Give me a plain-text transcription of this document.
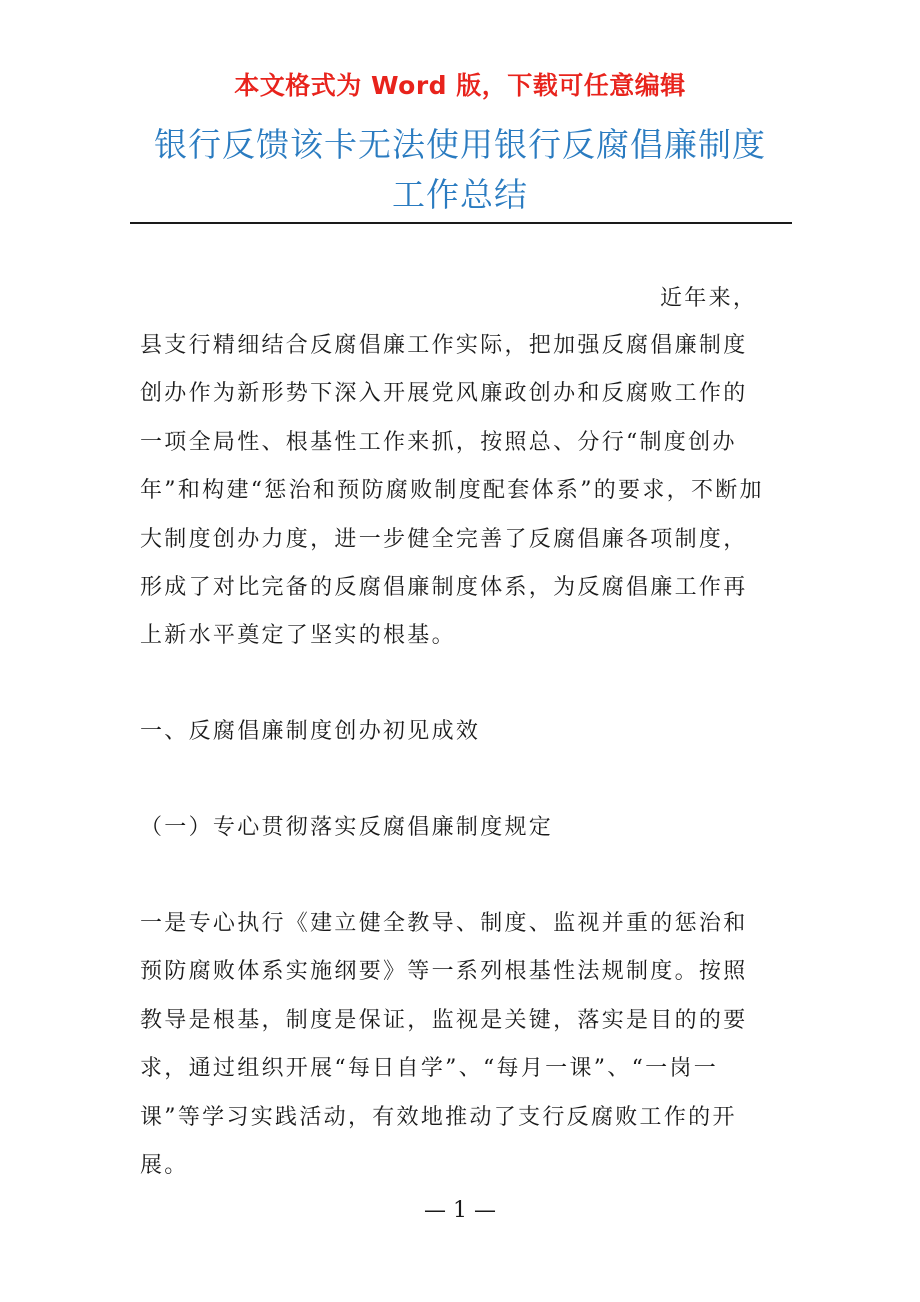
本文格式为 Word 版，下载可任意编辑
银行反馈该卡无法使用银行反腐倡廉制度
工作总结
近年来，
县支行精细结合反腐倡廉工作实际，把加强反腐倡廉制度创办作为新形势下深入开展党风廉政创办和反腐败工作的一项全局性、根基性工作来抓，按照总、分行“制度创办年”和构建“惩治和预防腐败制度配套体系”的要求，不断加大制度创办力度，进一步健全完善了反腐倡廉各项制度，形成了对比完备的反腐倡廉制度体系，为反腐倡廉工作再上新水平奠定了坚实的根基。
一、反腐倡廉制度创办初见成效
（一）专心贯彻落实反腐倡廉制度规定
一是专心执行《建立健全教导、制度、监视并重的惩治和预防腐败体系实施纲要》等一系列根基性法规制度。按照教导是根基，制度是保证，监视是关键，落实是目的的要求，通过组织开展“每日自学”、“每月一课”、“一岗一课”等学习实践活动，有效地推动了支行反腐败工作的开展。
— 1 —
